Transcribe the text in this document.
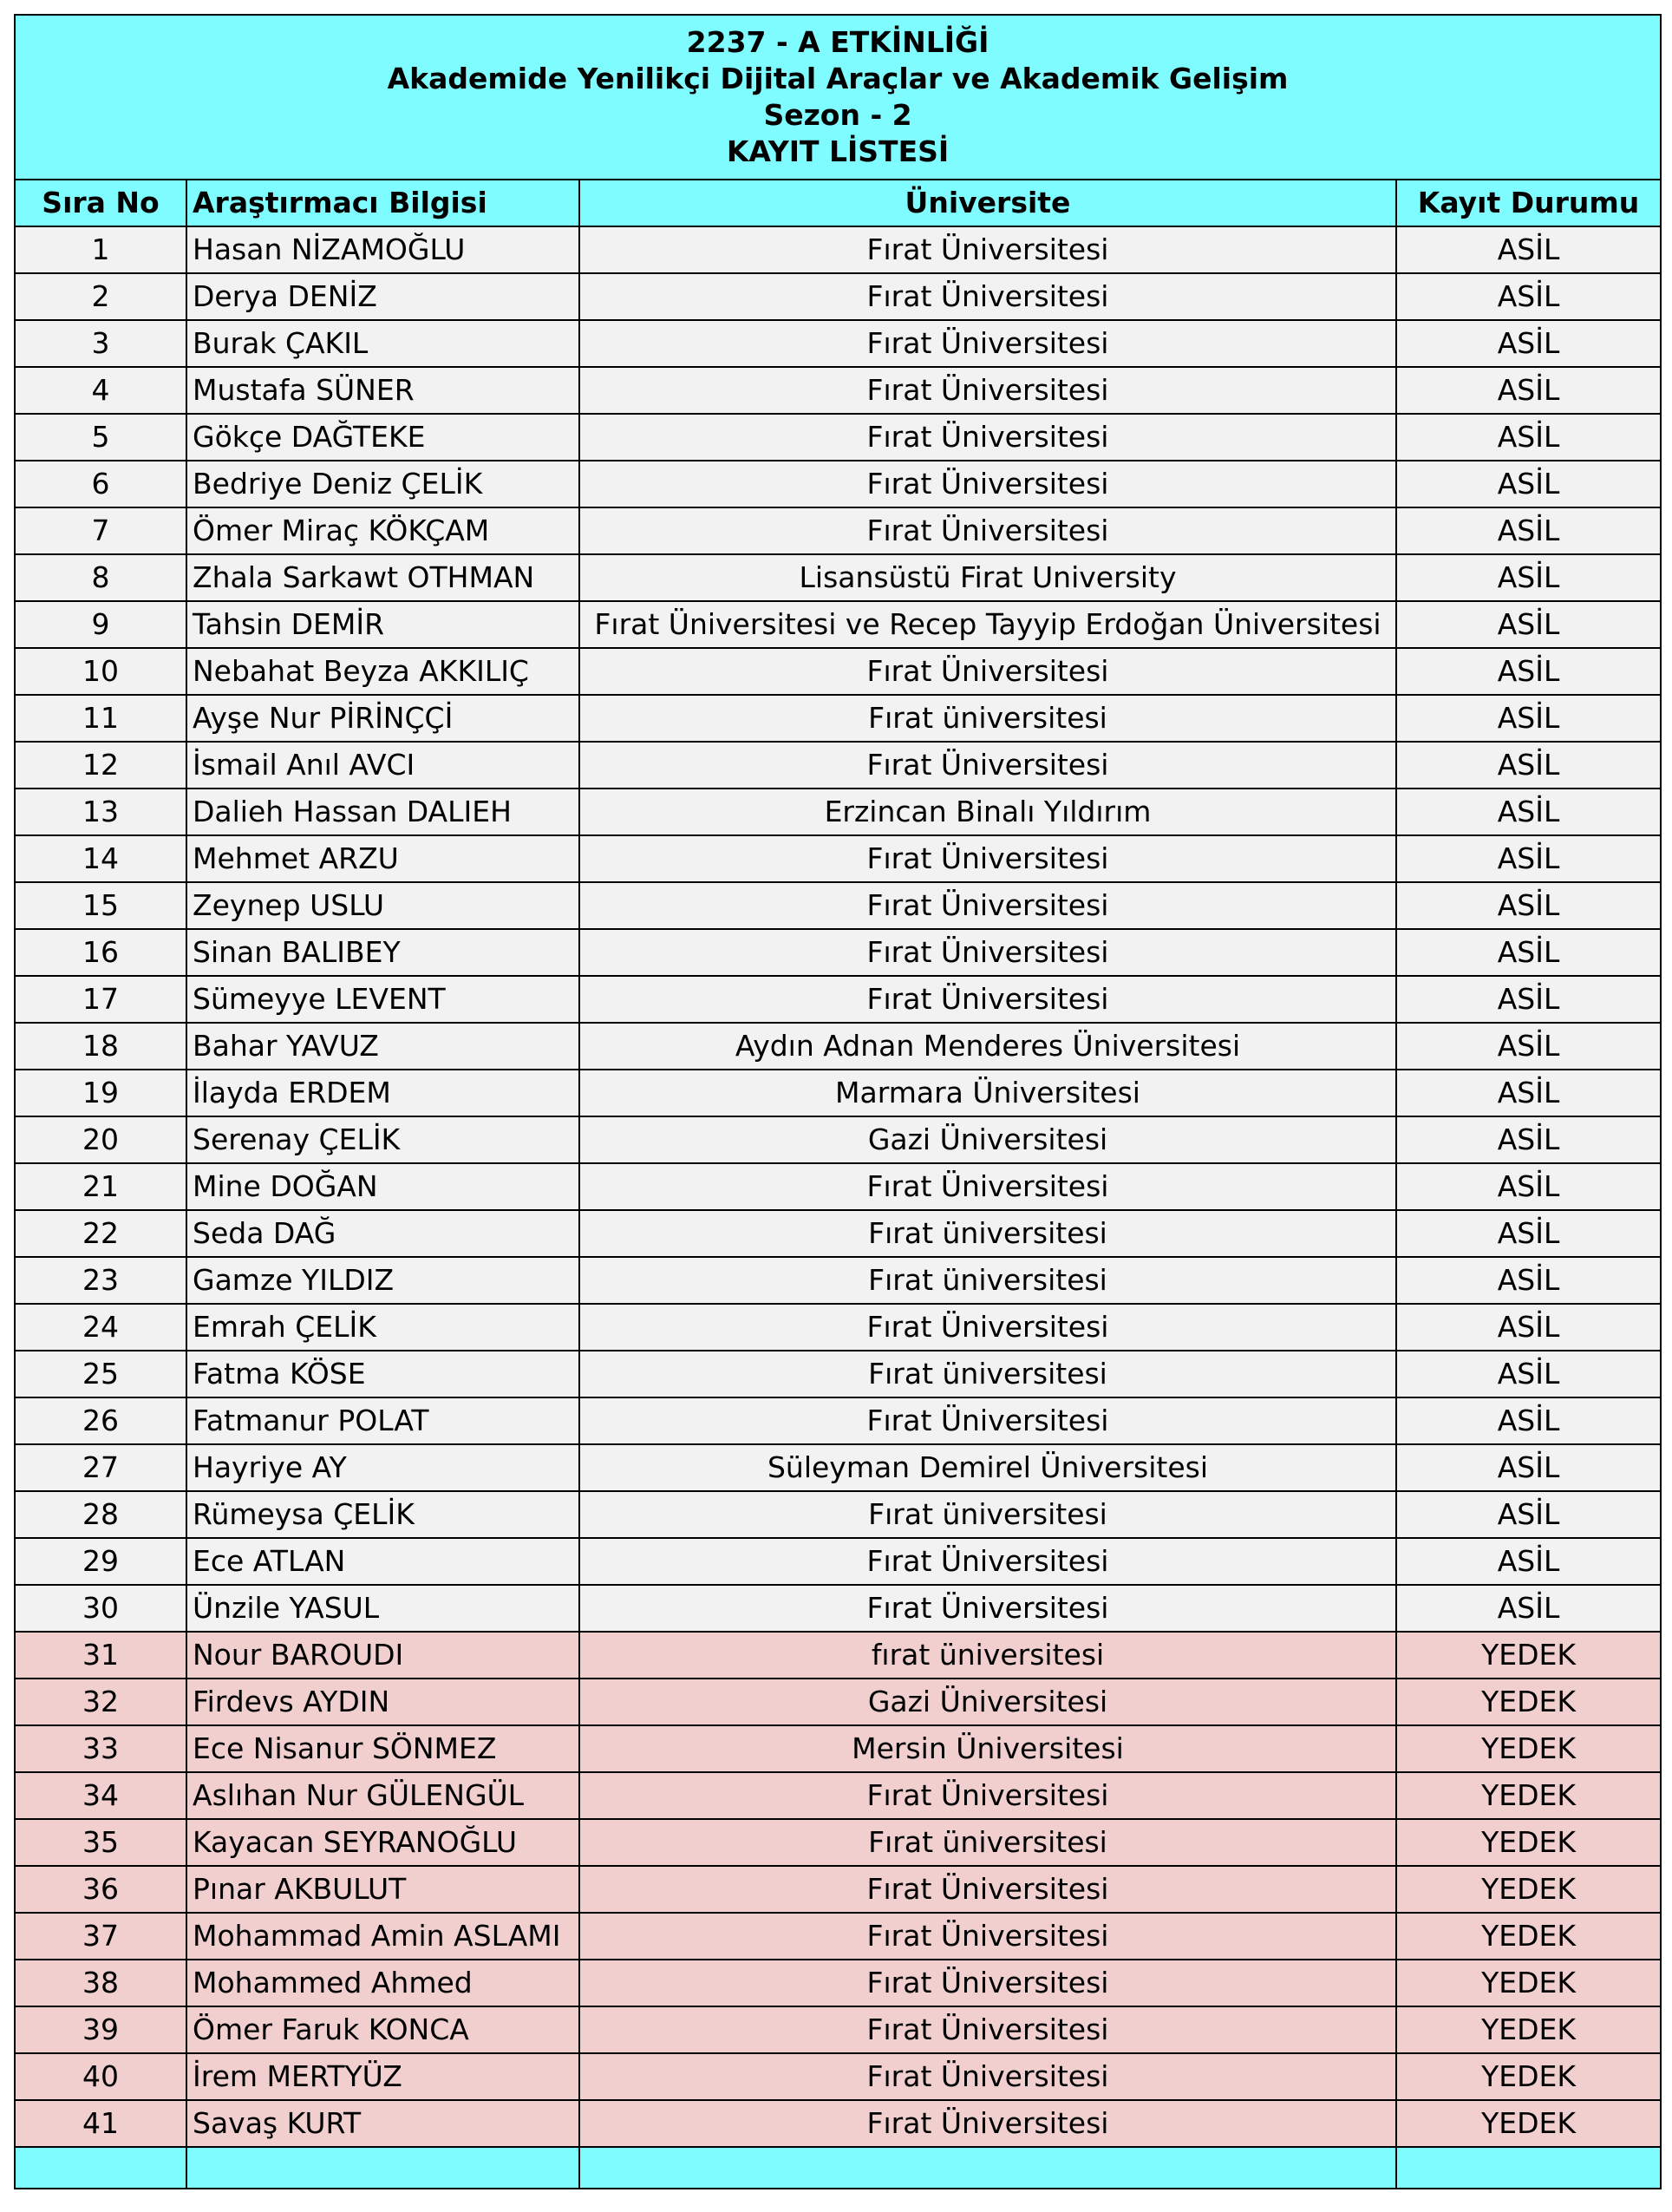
2237 - A ETKİNLİĞİ
Akademide Yenilikçi Dijital Araçlar ve Akademik Gelişim
Sezon - 2
KAYIT LİSTESİ			

Sıra No	Araştırmacı Bilgisi	Üniversite	Kayıt Durumu
1	Hasan NİZAMOĞLU	Fırat Üniversitesi	ASİL
2	Derya DENİZ	Fırat Üniversitesi	ASİL
3	Burak ÇAKIL	Fırat Üniversitesi	ASİL
4	Mustafa SÜNER	Fırat Üniversitesi	ASİL
5	Gökçe DAĞTEKE	Fırat Üniversitesi	ASİL
6	Bedriye Deniz ÇELİK	Fırat Üniversitesi	ASİL
7	Ömer Miraç KÖKÇAM	Fırat Üniversitesi	ASİL
8	Zhala Sarkawt OTHMAN	Lisansüstü Firat University	ASİL
9	Tahsin DEMİR	Fırat Üniversitesi ve Recep Tayyip Erdoğan Üniversitesi	ASİL
10	Nebahat Beyza AKKILIÇ	Fırat Üniversitesi	ASİL
11	Ayşe Nur PİRİNÇÇİ	Fırat üniversitesi	ASİL
12	İsmail Anıl AVCI	Fırat Üniversitesi	ASİL
13	Dalieh Hassan DALIEH	Erzincan Binalı Yıldırım	ASİL
14	Mehmet ARZU	Fırat Üniversitesi	ASİL
15	Zeynep USLU	Fırat Üniversitesi	ASİL
16	Sinan BALIBEY	Fırat Üniversitesi	ASİL
17	Sümeyye LEVENT	Fırat Üniversitesi	ASİL
18	Bahar YAVUZ	Aydın Adnan Menderes Üniversitesi	ASİL
19	İlayda ERDEM	Marmara Üniversitesi	ASİL
20	Serenay ÇELİK	Gazi Üniversitesi	ASİL
21	Mine DOĞAN	Fırat Üniversitesi	ASİL
22	Seda DAĞ	Fırat üniversitesi	ASİL
23	Gamze YILDIZ	Fırat üniversitesi	ASİL
24	Emrah ÇELİK	Fırat Üniversitesi	ASİL
25	Fatma KÖSE	Fırat üniversitesi	ASİL
26	Fatmanur POLAT	Fırat Üniversitesi	ASİL
27	Hayriye AY	Süleyman Demirel Üniversitesi	ASİL
28	Rümeysa ÇELİK	Fırat üniversitesi	ASİL
29	Ece ATLAN	Fırat Üniversitesi	ASİL
30	Ünzile YASUL	Fırat Üniversitesi	ASİL
31	Nour BAROUDI	fırat üniversitesi	YEDEK
32	Firdevs AYDIN	Gazi Üniversitesi	YEDEK
33	Ece Nisanur SÖNMEZ	Mersin Üniversitesi	YEDEK
34	Aslıhan Nur GÜLENGÜL	Fırat Üniversitesi	YEDEK
35	Kayacan SEYRANOĞLU	Fırat üniversitesi	YEDEK
36	Pınar AKBULUT	Fırat Üniversitesi	YEDEK
37	Mohammad Amin ASLAMI	Fırat Üniversitesi	YEDEK
38	Mohammed Ahmed	Fırat Üniversitesi	YEDEK
39	Ömer Faruk KONCA	Fırat Üniversitesi	YEDEK
40	İrem MERTYÜZ	Fırat Üniversitesi	YEDEK
41	Savaş KURT	Fırat Üniversitesi	YEDEK
